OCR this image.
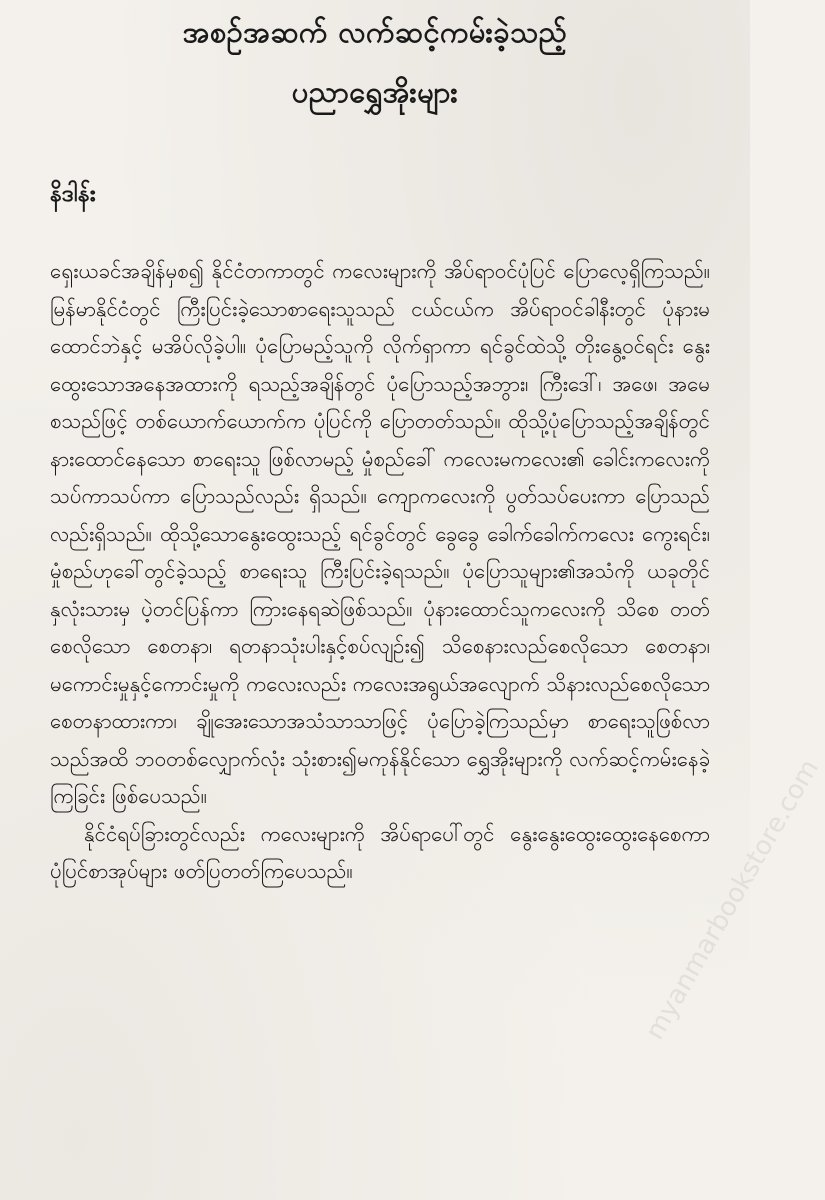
အစဉ်အဆက် လက်ဆင့်ကမ်းခဲ့သည့်
ပညာရွှေအိုးများ
နိဒါန်း

ရှေးယခင်အချိန်မှစ၍ နိုင်ငံတကာတွင် ကလေးများကို အိပ်ရာဝင်ပုံပြင် ပြောလေ့ရှိကြသည်။ မြန်မာနိုင်ငံတွင် ကြီးပြင်းခဲ့သောစာရေးသူသည် ငယ်ငယ်က အိပ်ရာဝင်ခါနီးတွင် ပုံနားမထောင်ဘဲနှင့် မအိပ်လိုခဲ့ပါ။ ပုံပြောမည့်သူကို လိုက်ရှာကာ ရင်ခွင်ထဲသို့ တိုးနွေ့ဝင်ရင်း နွေးထွေးသောအနေအထားကို ရသည့်အချိန်တွင် ပုံပြောသည့်အဘွား၊ ကြီးဒေါ်၊ အဖေ၊ အမေစသည်ဖြင့် တစ်ယောက်ယောက်က ပုံပြင်ကို ပြောတတ်သည်။ ထိုသို့ပုံပြောသည့်အချိန်တွင် နားထောင်နေသော စာရေးသူ ဖြစ်လာမည့် မှုံစည်ခေါ် ကလေးမကလေး၏ ခေါင်းကလေးကို သပ်ကာသပ်ကာ ပြောသည်လည်း ရှိသည်။ ကျောကလေးကို ပွတ်သပ်ပေးကာ ပြောသည်လည်းရှိသည်။ ထိုသို့သောနွေးထွေးသည့် ရင်ခွင်တွင် ခွေခွေ ခေါက်ခေါက်ကလေး ကွေးရင်း၊ မှုံစည်ဟုခေါ်တွင်ခဲ့သည့် စာရေးသူ ကြီးပြင်းခဲ့ရသည်။ ပုံပြောသူများ၏အသံကို ယခုတိုင် နှလုံးသားမှ ပဲ့တင်ပြန်ကာ ကြားနေရဆဲဖြစ်သည်။ ပုံနားထောင်သူကလေးကို သိစေ တတ်စေလိုသော စေတနာ၊ ရတနာသုံးပါးနှင့်စပ်လျဉ်း၍ သိစေနားလည်စေလိုသော စေတနာ၊ မကောင်းမှုနှင့်ကောင်းမှုကို ကလေးလည်း ကလေးအရွယ်အလျောက် သိနားလည်စေလိုသော စေတနာထားကာ၊ ချိုအေးသောအသံသာသာဖြင့် ပုံပြောခဲ့ကြသည်မှာ စာရေးသူဖြစ်လာသည်အထိ ဘဝတစ်လျှောက်လုံး သုံးစား၍မကုန်နိုင်သော ရွှေအိုးများကို လက်ဆင့်ကမ်းနေခဲ့ကြခြင်း ဖြစ်ပေသည်။

နိုင်ငံရပ်ခြားတွင်လည်း ကလေးများကို အိပ်ရာပေါ်တွင် နွေးနွေးထွေးထွေးနေစေကာ ပုံပြင်စာအုပ်များ ဖတ်ပြတတ်ကြပေသည်။	myanmarbookstore.com
